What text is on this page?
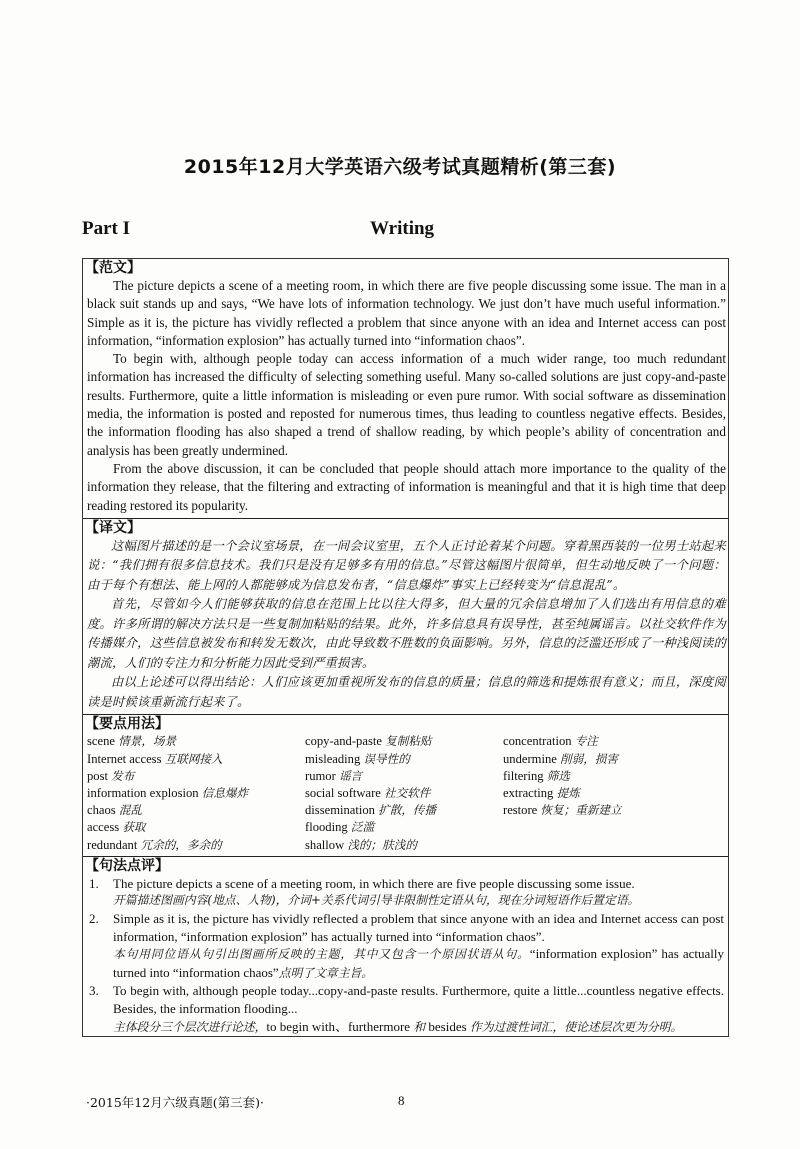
2015年12月大学英语六级考试真题精析(第三套)
Part I	Writing
【范文】

The picture depicts a scene of a meeting room, in which there are five people discussing some issue. The man in a black suit stands up and says, “We have lots of information technology. We just don’t have much useful information.” Simple as it is, the picture has vividly reflected a problem that since anyone with an idea and Internet access can post information, “information explosion” has actually turned into “information chaos”.

To begin with, although people today can access information of a much wider range, too much redundant information has increased the difficulty of selecting something useful. Many so-called solutions are just copy-and-paste results. Furthermore, quite a little information is misleading or even pure rumor. With social software as dissemination media, the information is posted and reposted for numerous times, thus leading to countless negative effects. Besides, the information flooding has also shaped a trend of shallow reading, by which people’s ability of concentration and analysis has been greatly undermined.

From the above discussion, it can be concluded that people should attach more importance to the quality of the information they release, that the filtering and extracting of information is meaningful and that it is high time that deep reading restored its popularity.

【译文】

这幅图片描述的是一个会议室场景，在一间会议室里，五个人正讨论着某个问题。穿着黑西装的一位男士站起来说：“我们拥有很多信息技术。我们只是没有足够多有用的信息。”尽管这幅图片很简单，但生动地反映了一个问题：由于每个有想法、能上网的人都能够成为信息发布者，“信息爆炸”事实上已经转变为“信息混乱”。

首先，尽管如今人们能够获取的信息在范围上比以往大得多，但大量的冗余信息增加了人们选出有用信息的难度。许多所谓的解决方法只是一些复制加粘贴的结果。此外，许多信息具有误导性，甚至纯属谣言。以社交软件作为传播媒介，这些信息被发布和转发无数次，由此导致数不胜数的负面影响。另外，信息的泛滥还形成了一种浅阅读的潮流，人们的专注力和分析能力因此受到严重损害。

由以上论述可以得出结论：人们应该更加重视所发布的信息的质量；信息的筛选和提炼很有意义；而且，深度阅读是时候该重新流行起来了。

【要点用法】
scene 情景，场景
Internet access 互联网接入
post 发布
information explosion 信息爆炸
chaos 混乱
access 获取
redundant 冗余的，多余的
copy-and-paste 复制粘贴
misleading 误导性的
rumor 谣言
social software 社交软件
dissemination 扩散，传播
flooding 泛滥
shallow 浅的；肤浅的
concentration 专注
undermine 削弱，损害
filtering 筛选
extracting 提炼
restore 恢复；重新建立
【句法点评】
1. The picture depicts a scene of a meeting room, in which there are five people discussing some issue.
开篇描述图画内容(地点、人物)，介词+关系代词引导非限制性定语从句，现在分词短语作后置定语。
2. Simple as it is, the picture has vividly reflected a problem that since anyone with an idea and Internet access can post information, “information explosion” has actually turned into “information chaos”.
本句用同位语从句引出图画所反映的主题，其中又包含一个原因状语从句。“information explosion” has actually turned into “information chaos”点明了文章主旨。
3. To begin with, although people today...copy-and-paste results. Furthermore, quite a little...countless negative effects. Besides, the information flooding...
主体段分三个层次进行论述，to begin with、furthermore 和 besides 作为过渡性词汇，使论述层次更为分明。
·2015年12月六级真题(第三套)·	8
